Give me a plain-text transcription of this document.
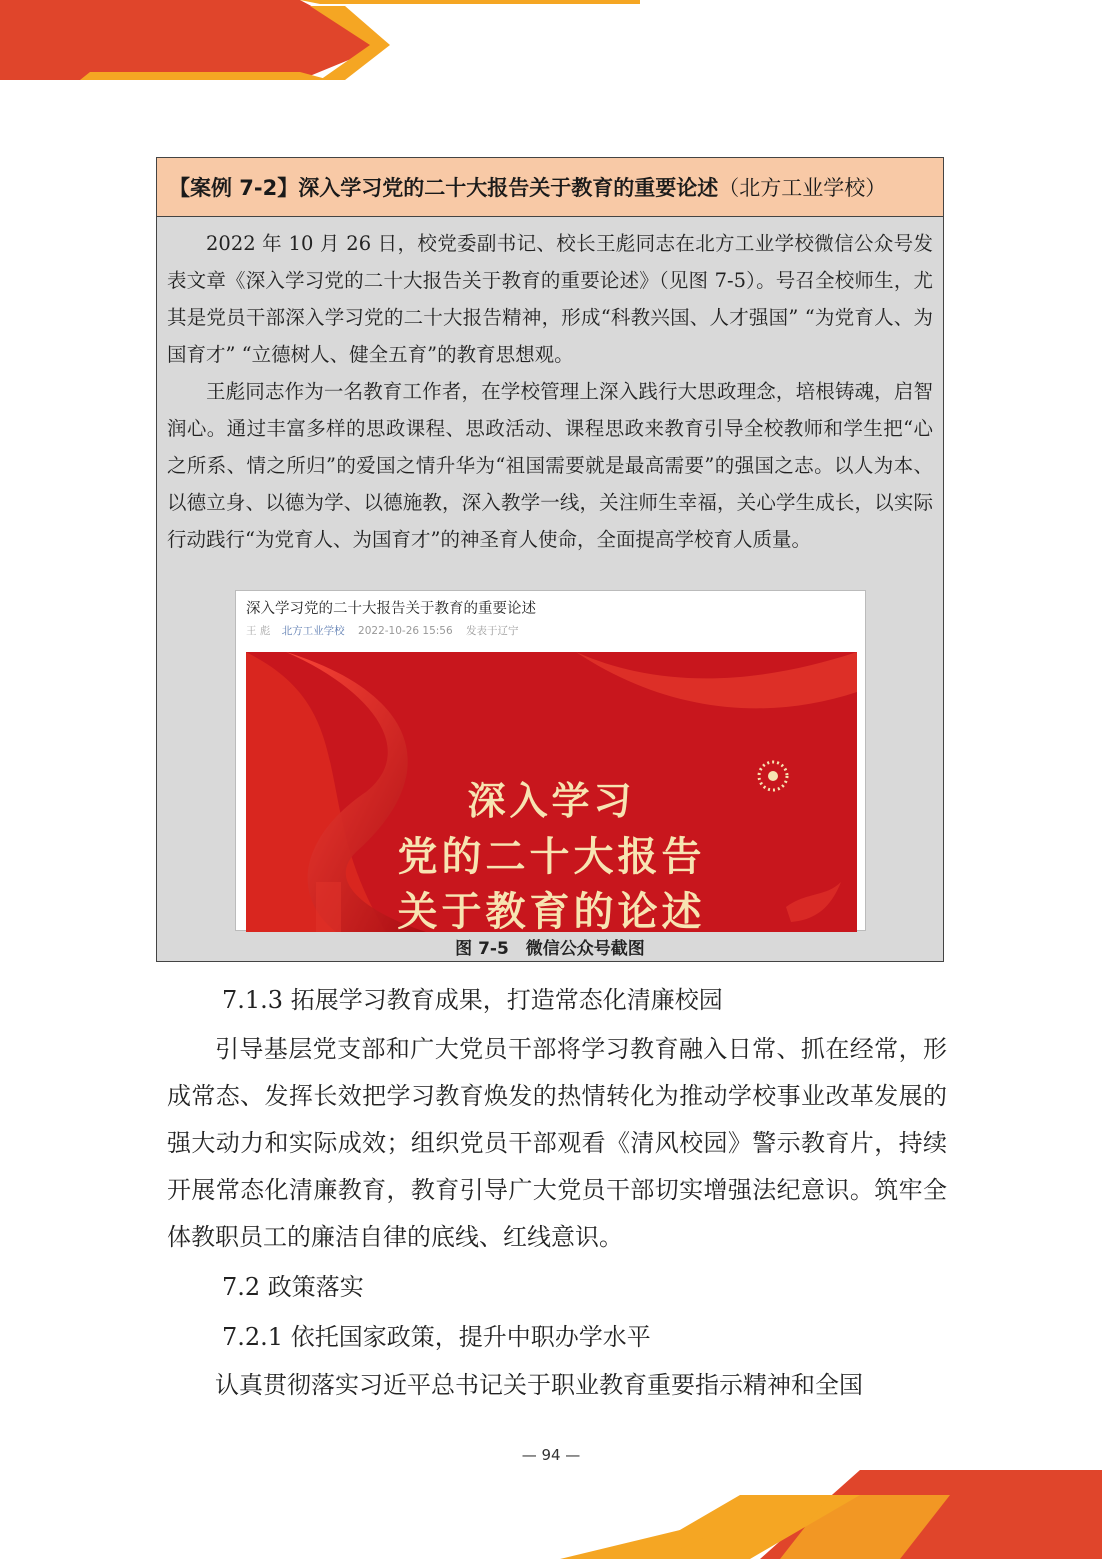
【案例 7-2】 深入学习党的二十大报告关于教育的重要论述 （北方工业学校）

2022 年 10 月 26 日，校党委副书记、校长王彪同志在北方工业学校微信公众号发表文章《深入学习党的二十大报告关于教育的重要论述》（见图 7-5）。号召全校师生，尤其是党员干部深入学习党的二十大报告精神，形成“科教兴国、人才强国” “为党育人、为国育才” “立德树人、健全五育”的教育思想观。

王彪同志作为一名教育工作者，在学校管理上深入践行大思政理念，培根铸魂，启智润心。通过丰富多样的思政课程、思政活动、课程思政来教育引导全校教师和学生把“心之所系、情之所归”的爱国之情升华为“祖国需要就是最高需要”的强国之志。以人为本、以德立身、以德为学、以德施教，深入教学一线，关注师生幸福，关心学生成长，以实际行动践行“为党育人、为国育才”的神圣育人使命，全面提高学校育人质量。

深入学习党的二十大报告关于教育的重要论述
王 彪 北方工业学校 2022-10-26 15:56 发表于辽宁
深入学习
党的二十大报告
关于教育的论述
图 7-5　微信公众号截图
7.1.3 拓展学习教育成果，打造常态化清廉校园

引导基层党支部和广大党员干部将学习教育融入日常、抓在经常，形成常态、发挥长效把学习教育焕发的热情转化为推动学校事业改革发展的强大动力和实际成效；组织党员干部观看《清风校园》警示教育片，持续开展常态化清廉教育，教育引导广大党员干部切实增强法纪意识。筑牢全体教职员工的廉洁自律的底线、红线意识。

7.2 政策落实
7.2.1 依托国家政策，提升中职办学水平

认真贯彻落实习近平总书记关于职业教育重要指示精神和全国

— 94 —
